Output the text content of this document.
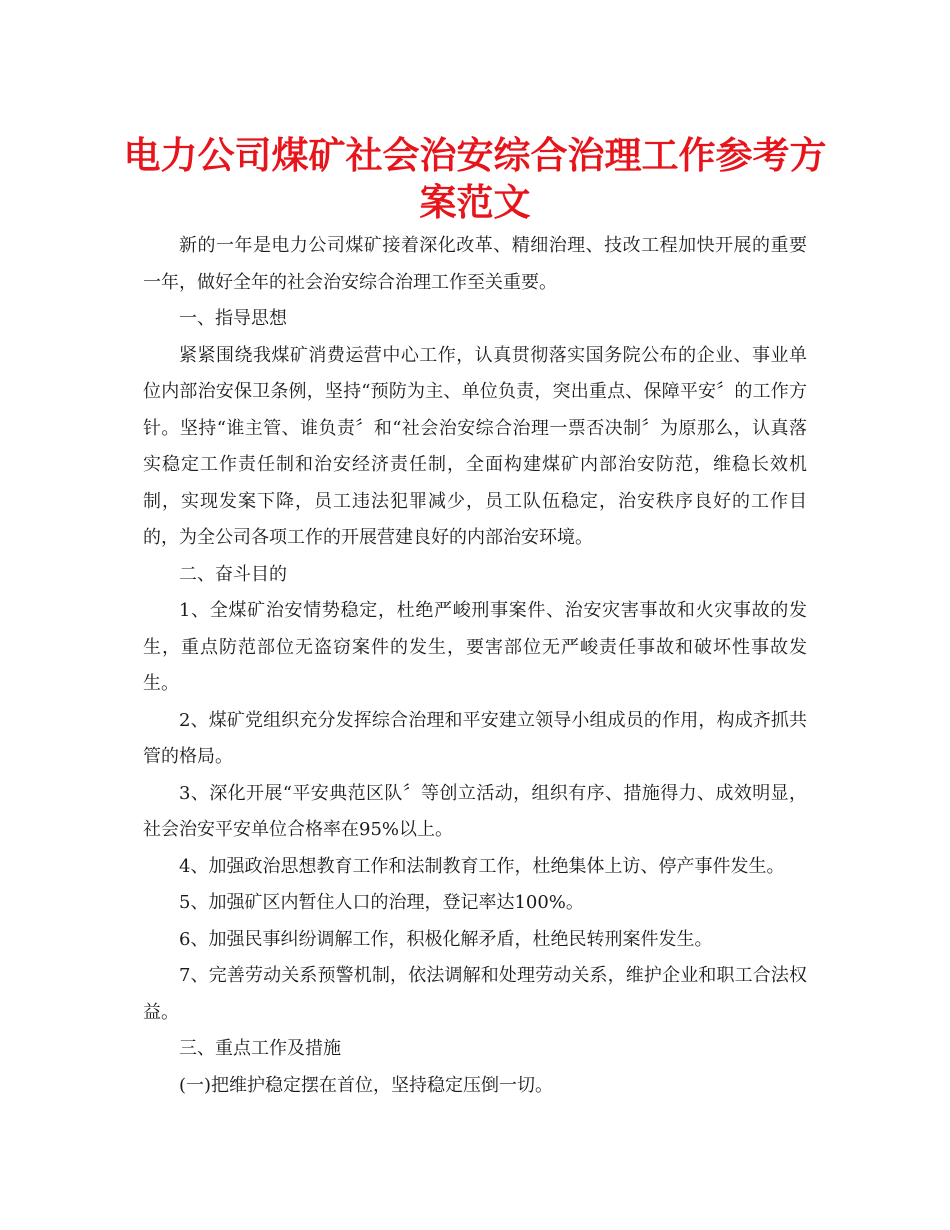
电力公司煤矿社会治安综合治理工作参考方案范文

新的一年是电力公司煤矿接着深化改革、精细治理、技改工程加快开展的重要一年，做好全年的社会治安综合治理工作至关重要。

一、指导思想

紧紧围绕我煤矿消费运营中心工作，认真贯彻落实国务院公布的企业、事业单位内部治安保卫条例，坚持“预防为主、单位负责，突出重点、保障平安〞的工作方针。坚持“谁主管、谁负责〞和“社会治安综合治理一票否决制〞为原那么，认真落实稳定工作责任制和治安经济责任制，全面构建煤矿内部治安防范，维稳长效机制，实现发案下降，员工违法犯罪减少，员工队伍稳定，治安秩序良好的工作目的，为全公司各项工作的开展营建良好的内部治安环境。

二、奋斗目的

1、全煤矿治安情势稳定，杜绝严峻刑事案件、治安灾害事故和火灾事故的发生，重点防范部位无盗窃案件的发生，要害部位无严峻责任事故和破坏性事故发生。

2、煤矿党组织充分发挥综合治理和平安建立领导小组成员的作用，构成齐抓共管的格局。

3、深化开展“平安典范区队〞等创立活动，组织有序、措施得力、成效明显，社会治安平安单位合格率在95%以上。

4、加强政治思想教育工作和法制教育工作，杜绝集体上访、停产事件发生。

5、加强矿区内暂住人口的治理，登记率达100%。

6、加强民事纠纷调解工作，积极化解矛盾，杜绝民转刑案件发生。

7、完善劳动关系预警机制，依法调解和处理劳动关系，维护企业和职工合法权益。

三、重点工作及措施

(一)把维护稳定摆在首位，坚持稳定压倒一切。
